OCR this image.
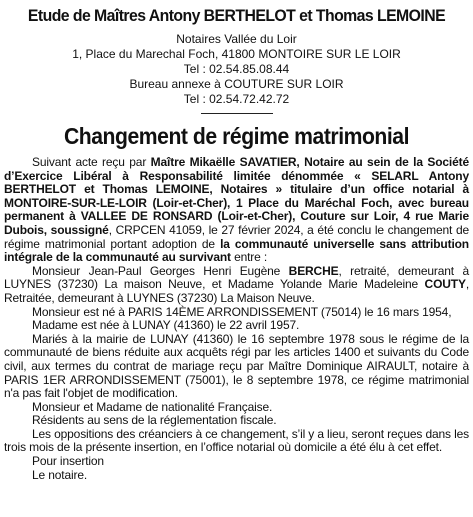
Etude de Maîtres Antony BERTHELOT et Thomas LEMOINE
Notaires Vallée du Loir
1, Place du Marechal Foch, 41800 MONTOIRE SUR LE LOIR
Tel : 02.54.85.08.44
Bureau annexe à COUTURE SUR LOIR
Tel : 02.54.72.42.72
Changement de régime matrimonial

Suivant acte reçu par Maître Mikaëlle SAVATIER, Notaire au sein de la Société d’Exercice Libéral à Responsabilité limitée dénommée « SELARL Antony BERTHELOT et Thomas LEMOINE, Notaires » titulaire d’un office notarial à MONTOIRE-SUR-LE-LOIR (Loir-et-Cher), 1 Place du Maréchal Foch, avec bureau permanent à VALLEE DE RONSARD (Loir-et-Cher), Couture sur Loir, 4 rue Marie Dubois, soussigné, CRPCEN 41059, le 27 février 2024, a été conclu le changement de régime matrimonial portant adoption de la communauté universelle sans attribution intégrale de la communauté au survivant entre :

Monsieur Jean-Paul Georges Henri Eugène BERCHE, retraité, demeurant à LUYNES (37230) La maison Neuve, et Madame Yolande Marie Madeleine COUTY, Retraitée, demeurant à LUYNES (37230) La Maison Neuve.

Monsieur est né à PARIS 14ÈME ARRONDISSEMENT (75014) le 16 mars 1954,

Madame est née à LUNAY (41360) le 22 avril 1957.

Mariés à la mairie de LUNAY (41360) le 16 septembre 1978 sous le régime de la communauté de biens réduite aux acquêts régi par les articles 1400 et suivants du Code civil, aux termes du contrat de mariage reçu par Maître Dominique AIRAULT, notaire à PARIS 1ER ARRONDISSEMENT (75001), le 8 septembre 1978, ce régime matrimonial n'a pas fait l'objet de modification.

Monsieur et Madame de nationalité Française.

Résidents au sens de la réglementation fiscale.

Les oppositions des créanciers à ce changement, s’il y a lieu, seront reçues dans les trois mois de la présente insertion, en l’office notarial où domicile a été élu à cet effet.

Pour insertion

Le notaire.
